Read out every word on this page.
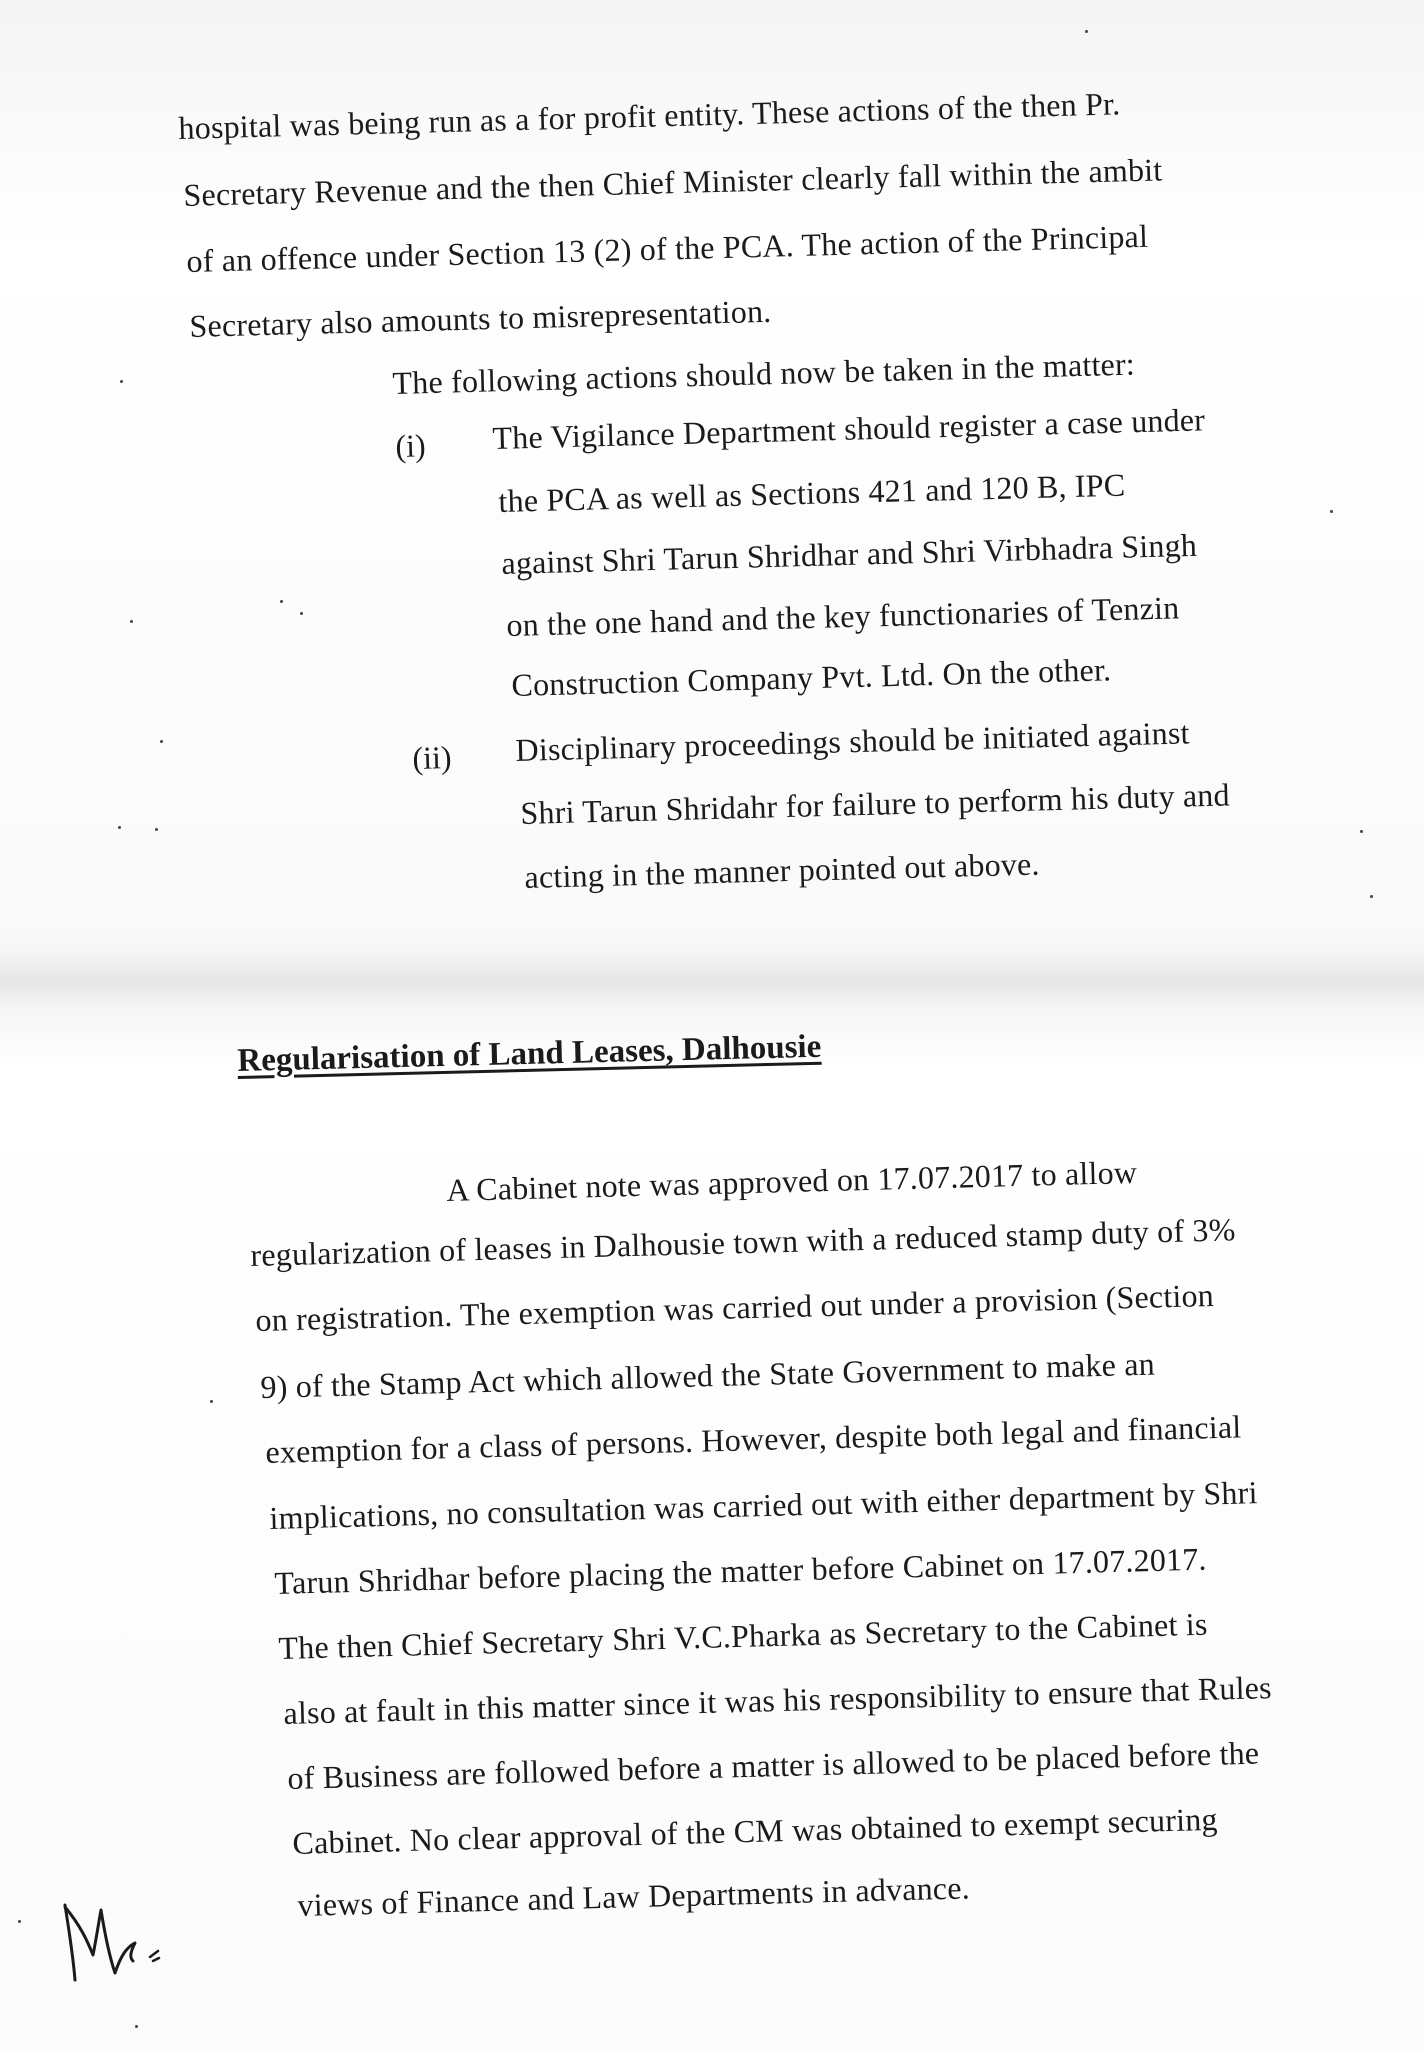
hospital was being run as a for profit entity. These actions of the then Pr.
Secretary Revenue and the then Chief Minister clearly fall within the ambit
of an offence under Section 13 (2) of the PCA. The action of the Principal
Secretary also amounts to misrepresentation.
The following actions should now be taken in the matter:
(i) The Vigilance Department should register a case under
the PCA as well as Sections 421 and 120 B, IPC
against Shri Tarun Shridhar and Shri Virbhadra Singh
on the one hand and the key functionaries of Tenzin
Construction Company Pvt. Ltd. On the other.
(ii) Disciplinary proceedings should be initiated against
Shri Tarun Shridahr for failure to perform his duty and
acting in the manner pointed out above.
Regularisation of Land Leases, Dalhousie
A Cabinet note was approved on 17.07.2017 to allow
regularization of leases in Dalhousie town with a reduced stamp duty of 3%
on registration. The exemption was carried out under a provision (Section
9) of the Stamp Act which allowed the State Government to make an
exemption for a class of persons. However, despite both legal and financial
implications, no consultation was carried out with either department by Shri
Tarun Shridhar before placing the matter before Cabinet on 17.07.2017.
The then Chief Secretary Shri V.C.Pharka as Secretary to the Cabinet is
also at fault in this matter since it was his responsibility to ensure that Rules
of Business are followed before a matter is allowed to be placed before the
Cabinet. No clear approval of the CM was obtained to exempt securing
views of Finance and Law Departments in advance.
